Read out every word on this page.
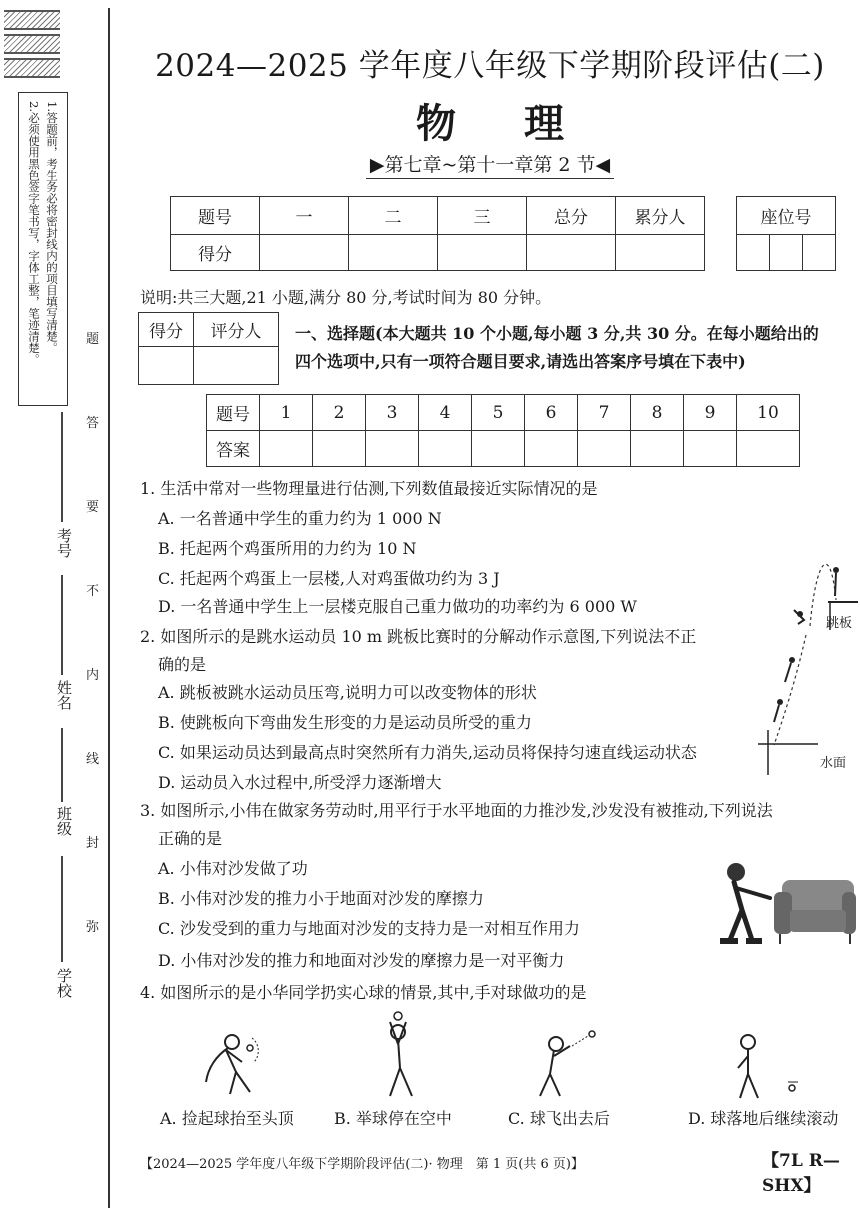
1.答题前，考生务必将密封线内的项目填写清楚。
2.必须使用黑色签字笔书写，字体工整，笔迹清楚。	题
答
要
不
内
线
封
弥
考号
姓名
班级
学校
2024—2025 学年度八年级下学期阶段评估(二)
物理
▶第七章~第十一章第 2 节◀
题号	一	二	三	总分	累分人
得分					
座位号

说明:共三大题,21 小题,满分 80 分,考试时间为 80 分钟。
得分	评分人
	一、选择题(本大题共 10 个小题,每小题 3 分,共 30 分。在每小题给出的
四个选项中,只有一项符合题目要求,请选出答案序号填在下表中)
题号	1	2	3	4	5	6	7	8	9	10
答案										
1. 生活中常对一些物理量进行估测,下列数值最接近实际情况的是
A. 一名普通中学生的重力约为 1 000 N
B. 托起两个鸡蛋所用的力约为 10 N
C. 托起两个鸡蛋上一层楼,人对鸡蛋做功约为 3 J
D. 一名普通中学生上一层楼克服自己重力做功的功率约为 6 000 W
2. 如图所示的是跳水运动员 10 m 跳板比赛时的分解动作示意图,下列说法不正
确的是
A. 跳板被跳水运动员压弯,说明力可以改变物体的形状
B. 使跳板向下弯曲发生形变的力是运动员所受的重力
C. 如果运动员达到最高点时突然所有力消失,运动员将保持匀速直线运动状态
D. 运动员入水过程中,所受浮力逐渐增大
跳板
水面
3. 如图所示,小伟在做家务劳动时,用平行于水平地面的力推沙发,沙发没有被推动,下列说法
正确的是
A. 小伟对沙发做了功
B. 小伟对沙发的推力小于地面对沙发的摩擦力
C. 沙发受到的重力与地面对沙发的支持力是一对相互作用力
D. 小伟对沙发的推力和地面对沙发的摩擦力是一对平衡力
4. 如图所示的是小华同学扔实心球的情景,其中,手对球做功的是
A. 捡起球抬至头顶	B. 举球停在空中	C. 球飞出去后	D. 球落地后继续滚动
【2024—2025 学年度八年级下学期阶段评估(二)· 物理　第 1 页(共 6 页)】	【7L R—SHX】
